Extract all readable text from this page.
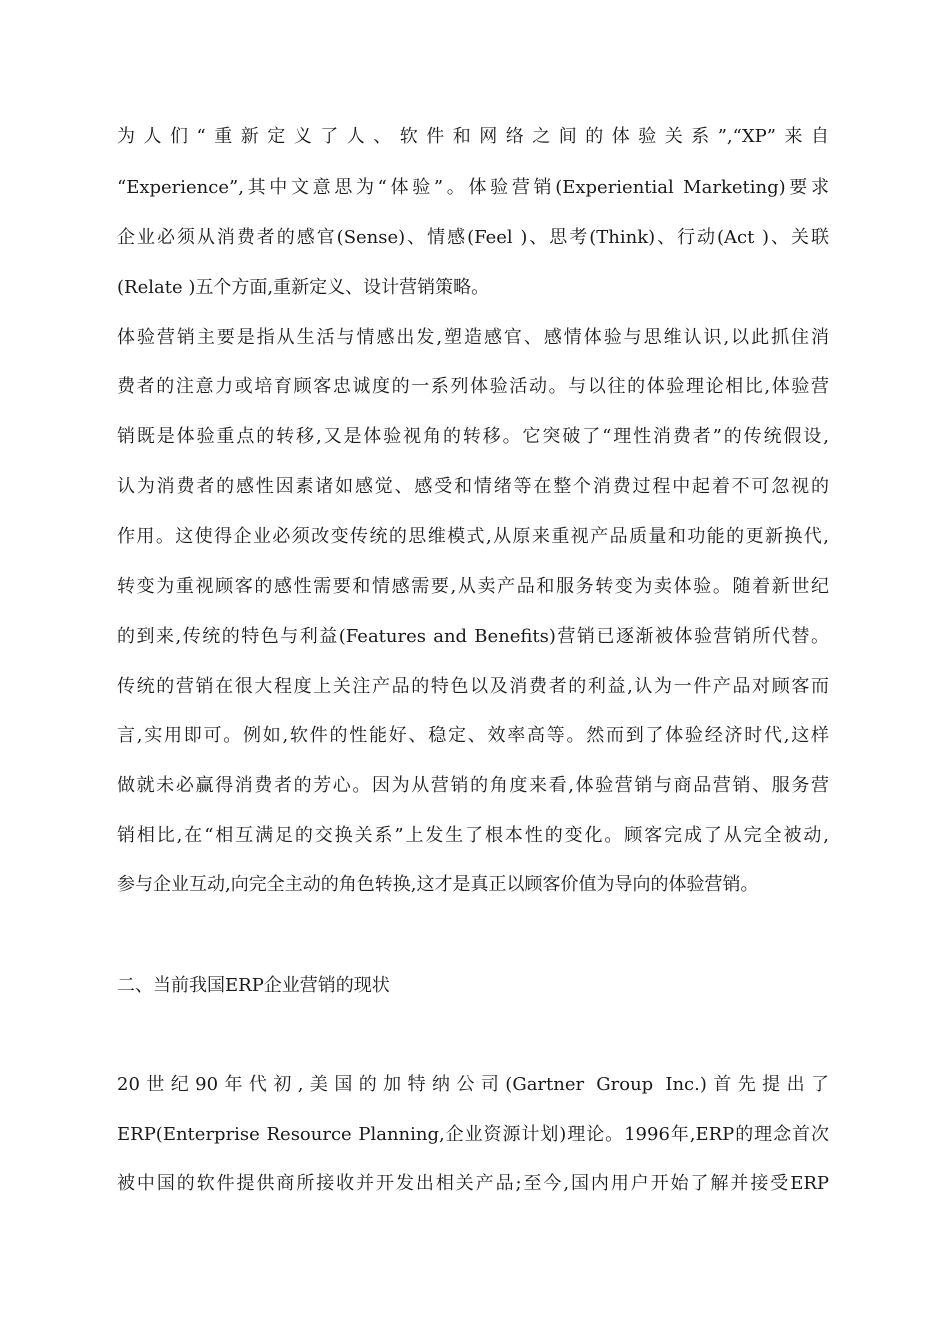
为人们“重新定义了人、软件和网络之间的体验关系”,“XP”来自
“Experience”,其中文意思为“体验”。体验营销(Experiential Marketing)要求
企业必须从消费者的感官(Sense)、情感(Feel )、思考(Think)、行动(Act )、关联
(Relate )五个方面,重新定义、设计营销策略。
体验营销主要是指从生活与情感出发,塑造感官、感情体验与思维认识,以此抓住消
费者的注意力或培育顾客忠诚度的一系列体验活动。与以往的体验理论相比,体验营
销既是体验重点的转移,又是体验视角的转移。它突破了“理性消费者”的传统假设,
认为消费者的感性因素诸如感觉、感受和情绪等在整个消费过程中起着不可忽视的
作用。这使得企业必须改变传统的思维模式,从原来重视产品质量和功能的更新换代,
转变为重视顾客的感性需要和情感需要,从卖产品和服务转变为卖体验。随着新世纪
的到来,传统的特色与利益(Features and Benefits)营销已逐渐被体验营销所代替。
传统的营销在很大程度上关注产品的特色以及消费者的利益,认为一件产品对顾客而
言,实用即可。例如,软件的性能好、稳定、效率高等。然而到了体验经济时代,这样
做就未必赢得消费者的芳心。因为从营销的角度来看,体验营销与商品营销、服务营
销相比,在“相互满足的交换关系”上发生了根本性的变化。顾客完成了从完全被动,
参与企业互动,向完全主动的角色转换,这才是真正以顾客价值为导向的体验营销。
二、当前我国ERP企业营销的现状
20世纪90年代初,美国的加特纳公司(Gartner Group Inc.)首先提出了
ERP(Enterprise Resource Planning,企业资源计划)理论。1996年,ERP的理念首次
被中国的软件提供商所接收并开发出相关产品;至今,国内用户开始了解并接受ERP
